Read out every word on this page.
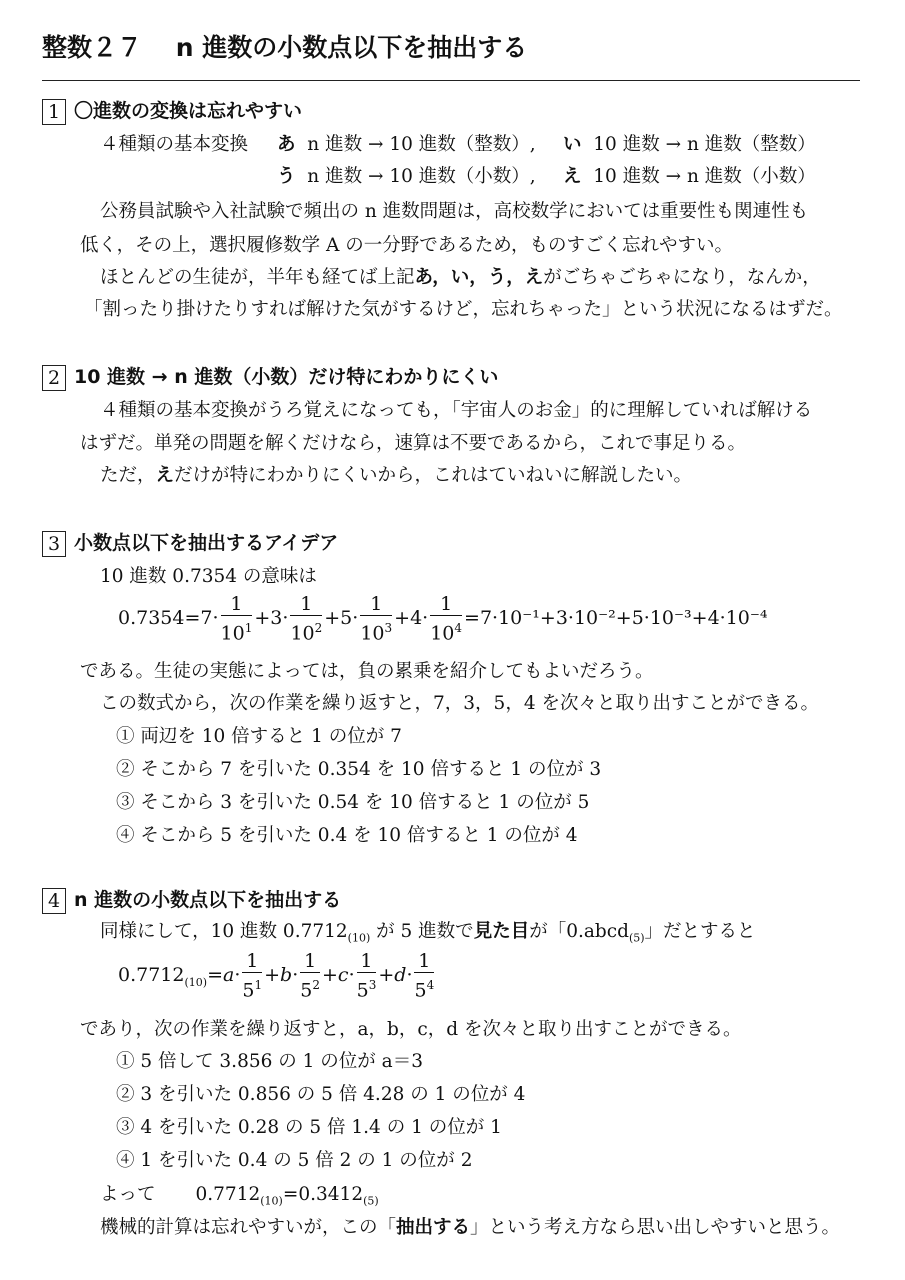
整数２７　 n 進数の小数点以下を抽出する
1 〇進数の変換は忘れやすい
４種類の基本変換 あ n 進数 → 10 進数（整数）, い 10 進数 → n 進数（整数）
う n 進数 → 10 進数（小数）, え 10 進数 → n 進数（小数）
公務員試験や入社試験で頻出の n 進数問題は，高校数学においては重要性も関連性も
低く，その上，選択履修数学 A の一分野であるため，ものすごく忘れやすい。
ほとんどの生徒が，半年も経てば上記あ，い，う，えがごちゃごちゃになり，なんか，
「割ったり掛けたりすれば解けた気がするけど，忘れちゃった」という状況になるはずだ。
2 10 進数 → n 進数（小数）だけ特にわかりにくい
４種類の基本変換がうろ覚えになっても，「宇宙人のお金」的に理解していれば解ける
はずだ。単発の問題を解くだけなら，速算は不要であるから，これで事足りる。
ただ，えだけが特にわかりにくいから，これはていねいに解説したい。
3 小数点以下を抽出するアイデア
10 進数 0.7354 の意味は
$0.7354=7\cdot \frac{1}{10^1} +3\cdot \frac{1}{10^2} +5\cdot \frac{1}{10^3} +4\cdot \frac{1}{10^4} =7\cdot 10^{-1}+3\cdot 10^{-2}+5\cdot 10^{-3}+4\cdot 10^{-4}$
である。生徒の実態によっては，負の累乗を紹介してもよいだろう。
この数式から，次の作業を繰り返すと，7，3，5，4 を次々と取り出すことができる。
① 両辺を 10 倍すると 1 の位が 7
② そこから 7 を引いた 0.354 を 10 倍すると 1 の位が 3
③ そこから 3 を引いた 0.54 を 10 倍すると 1 の位が 5
④ そこから 5 を引いた 0.4 を 10 倍すると 1 の位が 4
4 n 進数の小数点以下を抽出する
同様にして，10 進数 $0.7712_{(10)}$ が 5 進数で見た目が「0.abcd$_{(5)}$」だとすると
$0.7712_{(10)}=a\cdot \frac{1}{5^1} +b\cdot \frac{1}{5^2} +c\cdot \frac{1}{5^3} +d\cdot \frac{1}{5^4}$
であり，次の作業を繰り返すと，a，b，c，d を次々と取り出すことができる。
① 5 倍して 3.856 の 1 の位が a＝3
② 3 を引いた 0.856 の 5 倍 4.28 の 1 の位が 4
③ 4 を引いた 0.28 の 5 倍 1.4 の 1 の位が 1
④ 1 を引いた 0.4 の 5 倍 2 の 1 の位が 2
よって $0.7712_{(10)}=0.3412_{(5)}$
機械的計算は忘れやすいが，この「抽出する」という考え方なら思い出しやすいと思う。
